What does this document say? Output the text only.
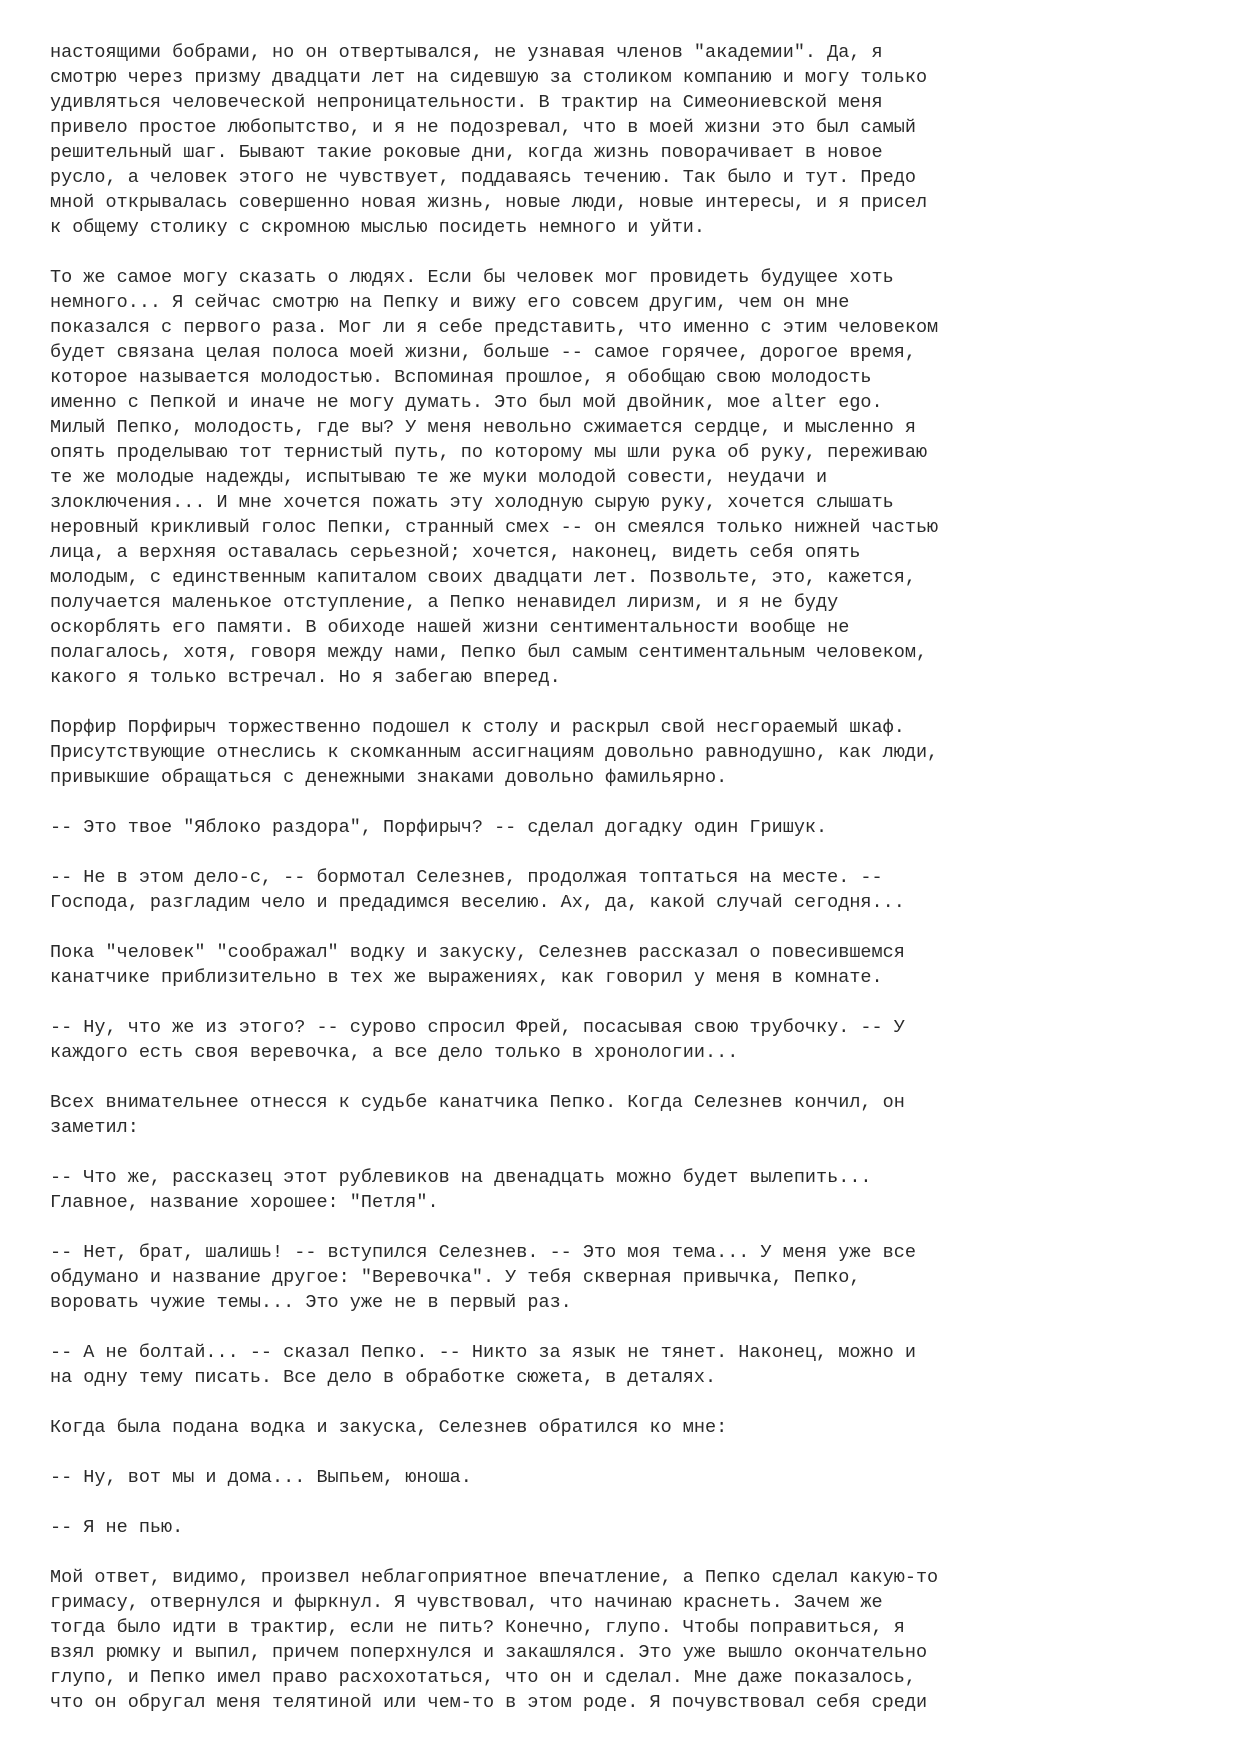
настоящими бобрами, но он отвертывался, не узнавая членов "академии". Да, я
смотрю через призму двадцати лет на сидевшую за столиком компанию и могу только
удивляться человеческой непроницательности. В трактир на Симеониевской меня
привело простое любопытство, и я не подозревал, что в моей жизни это был самый
решительный шаг. Бывают такие роковые дни, когда жизнь поворачивает в новое
русло, а человек этого не чувствует, поддаваясь течению. Так было и тут. Предо
мной открывалась совершенно новая жизнь, новые люди, новые интересы, и я присел
к общему столику с скромною мыслью посидеть немного и уйти.
То же самое могу сказать о людях. Если бы человек мог провидеть будущее хоть
немного... Я сейчас смотрю на Пепку и вижу его совсем другим, чем он мне
показался с первого раза. Мог ли я себе представить, что именно с этим человеком
будет связана целая полоса моей жизни, больше -- самое горячее, дорогое время,
которое называется молодостью. Вспоминая прошлое, я обобщаю свою молодость
именно с Пепкой и иначе не могу думать. Это был мой двойник, мое alter ego.
Милый Пепко, молодость, где вы? У меня невольно сжимается сердце, и мысленно я
опять проделываю тот тернистый путь, по которому мы шли рука об руку, переживаю
те же молодые надежды, испытываю те же муки молодой совести, неудачи и
злоключения... И мне хочется пожать эту холодную сырую руку, хочется слышать
неровный крикливый голос Пепки, странный смех -- он смеялся только нижней частью
лица, а верхняя оставалась серьезной; хочется, наконец, видеть себя опять
молодым, с единственным капиталом своих двадцати лет. Позвольте, это, кажется,
получается маленькое отступление, а Пепко ненавидел лиризм, и я не буду
оскорблять его памяти. В обиходе нашей жизни сентиментальности вообще не
полагалось, хотя, говоря между нами, Пепко был самым сентиментальным человеком,
какого я только встречал. Но я забегаю вперед.
Порфир Порфирыч торжественно подошел к столу и раскрыл свой несгораемый шкаф.
Присутствующие отнеслись к скомканным ассигнациям довольно равнодушно, как люди,
привыкшие обращаться с денежными знаками довольно фамильярно.
-- Это твое "Яблоко раздора", Порфирыч? -- сделал догадку один Гришук.
-- Не в этом дело-с, -- бормотал Селезнев, продолжая топтаться на месте. --
Господа, разгладим чело и предадимся веселию. Ах, да, какой случай сегодня...
Пока "человек" "соображал" водку и закуску, Селезнев рассказал о повесившемся
канатчике приблизительно в тех же выражениях, как говорил у меня в комнате.
-- Ну, что же из этого? -- сурово спросил Фрей, посасывая свою трубочку. -- У
каждого есть своя веревочка, а все дело только в хронологии...
Всех внимательнее отнесся к судьбе канатчика Пепко. Когда Селезнев кончил, он
заметил:
-- Что же, рассказец этот рублевиков на двенадцать можно будет вылепить...
Главное, название хорошее: "Петля".
-- Нет, брат, шалишь! -- вступился Селезнев. -- Это моя тема... У меня уже все
обдумано и название другое: "Веревочка". У тебя скверная привычка, Пепко,
воровать чужие темы... Это уже не в первый раз.
-- А не болтай... -- сказал Пепко. -- Никто за язык не тянет. Наконец, можно и
на одну тему писать. Все дело в обработке сюжета, в деталях.
Когда была подана водка и закуска, Селезнев обратился ко мне:
-- Ну, вот мы и дома... Выпьем, юноша.
-- Я не пью.
Мой ответ, видимо, произвел неблагоприятное впечатление, а Пепко сделал какую-то
гримасу, отвернулся и фыркнул. Я чувствовал, что начинаю краснеть. Зачем же
тогда было идти в трактир, если не пить? Конечно, глупо. Чтобы поправиться, я
взял рюмку и выпил, причем поперхнулся и закашлялся. Это уже вышло окончательно
глупо, и Пепко имел право расхохотаться, что он и сделал. Мне даже показалось,
что он обругал меня телятиной или чем-то в этом роде. Я почувствовал себя среди
